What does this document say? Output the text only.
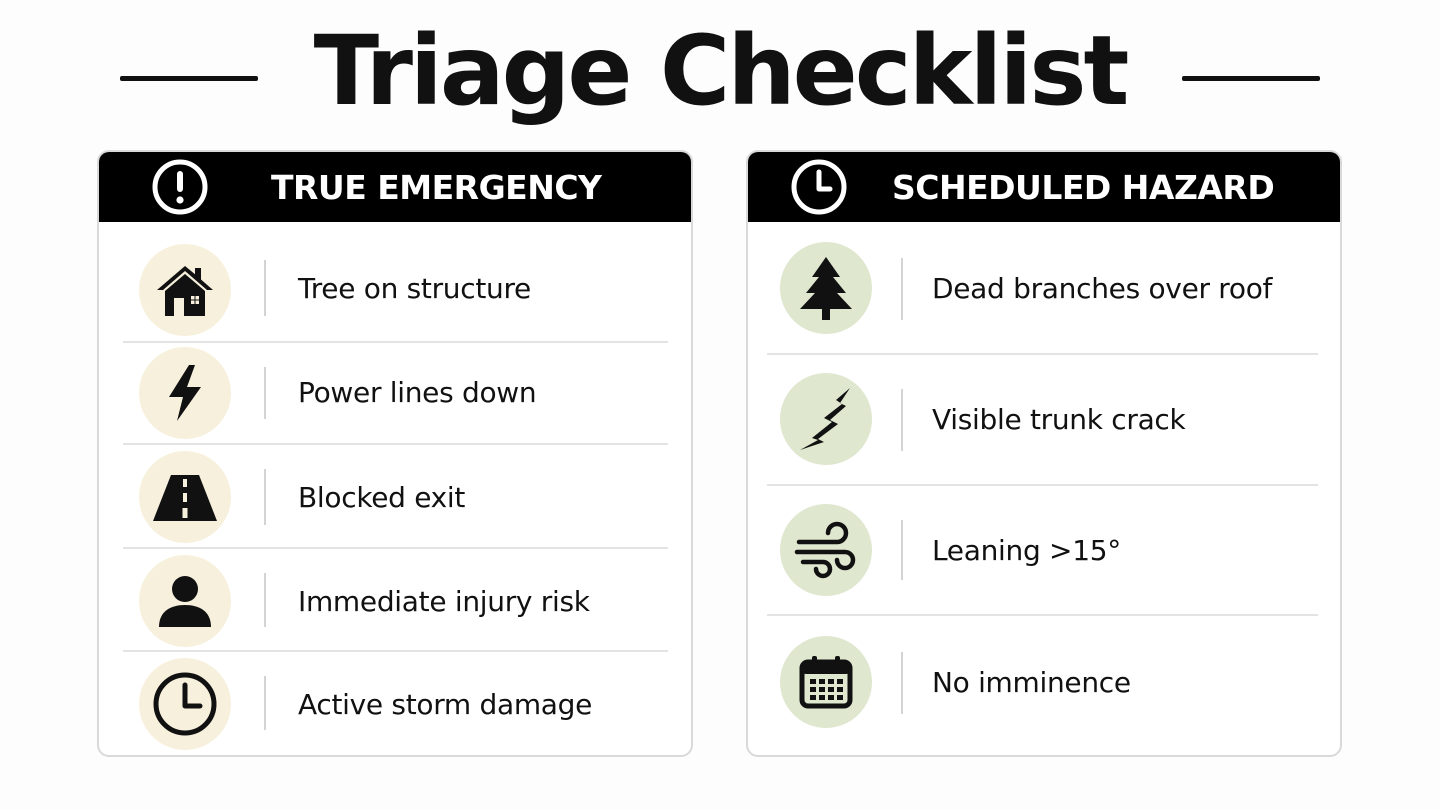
Triage Checklist
TRUE EMERGENCY
Tree on structure
Power lines down
Blocked exit
Immediate injury risk
Active storm damage
SCHEDULED HAZARD
Dead branches over roof
Visible trunk crack
Leaning >15°
No imminence
